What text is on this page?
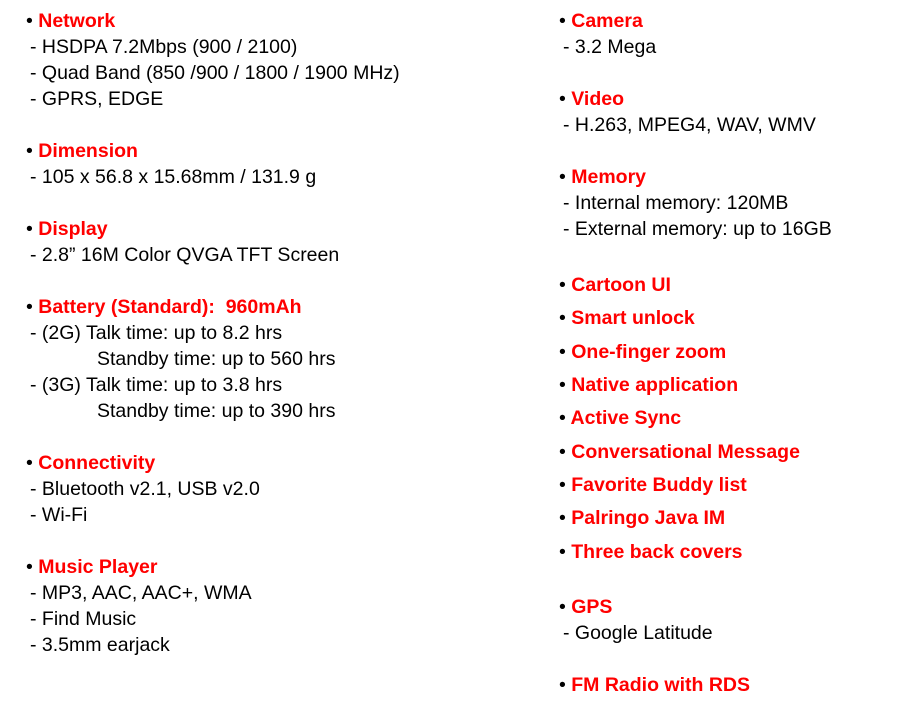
• Network
- HSDPA 7.2Mbps (900 / 2100)
- Quad Band (850 /900 / 1800 / 1900 MHz)
- GPRS, EDGE
• Dimension
- 105 x 56.8 x 15.68mm / 131.9 g
• Display
- 2.8” 16M Color QVGA TFT Screen
• Battery (Standard):  960mAh
- (2G) Talk time: up to 8.2 hrs
Standby time: up to 560 hrs
- (3G) Talk time: up to 3.8 hrs
Standby time: up to 390 hrs
• Connectivity
- Bluetooth v2.1, USB v2.0
- Wi-Fi
• Music Player
- MP3, AAC, AAC+, WMA
- Find Music
- 3.5mm earjack
• Camera
- 3.2 Mega
• Video
- H.263, MPEG4, WAV, WMV
• Memory
- Internal memory: 120MB
- External memory: up to 16GB
• Cartoon UI
• Smart unlock
• One-finger zoom
• Native application
• Active Sync
• Conversational Message
• Favorite Buddy list
• Palringo Java IM
• Three back covers
• GPS
- Google Latitude
• FM Radio with RDS
